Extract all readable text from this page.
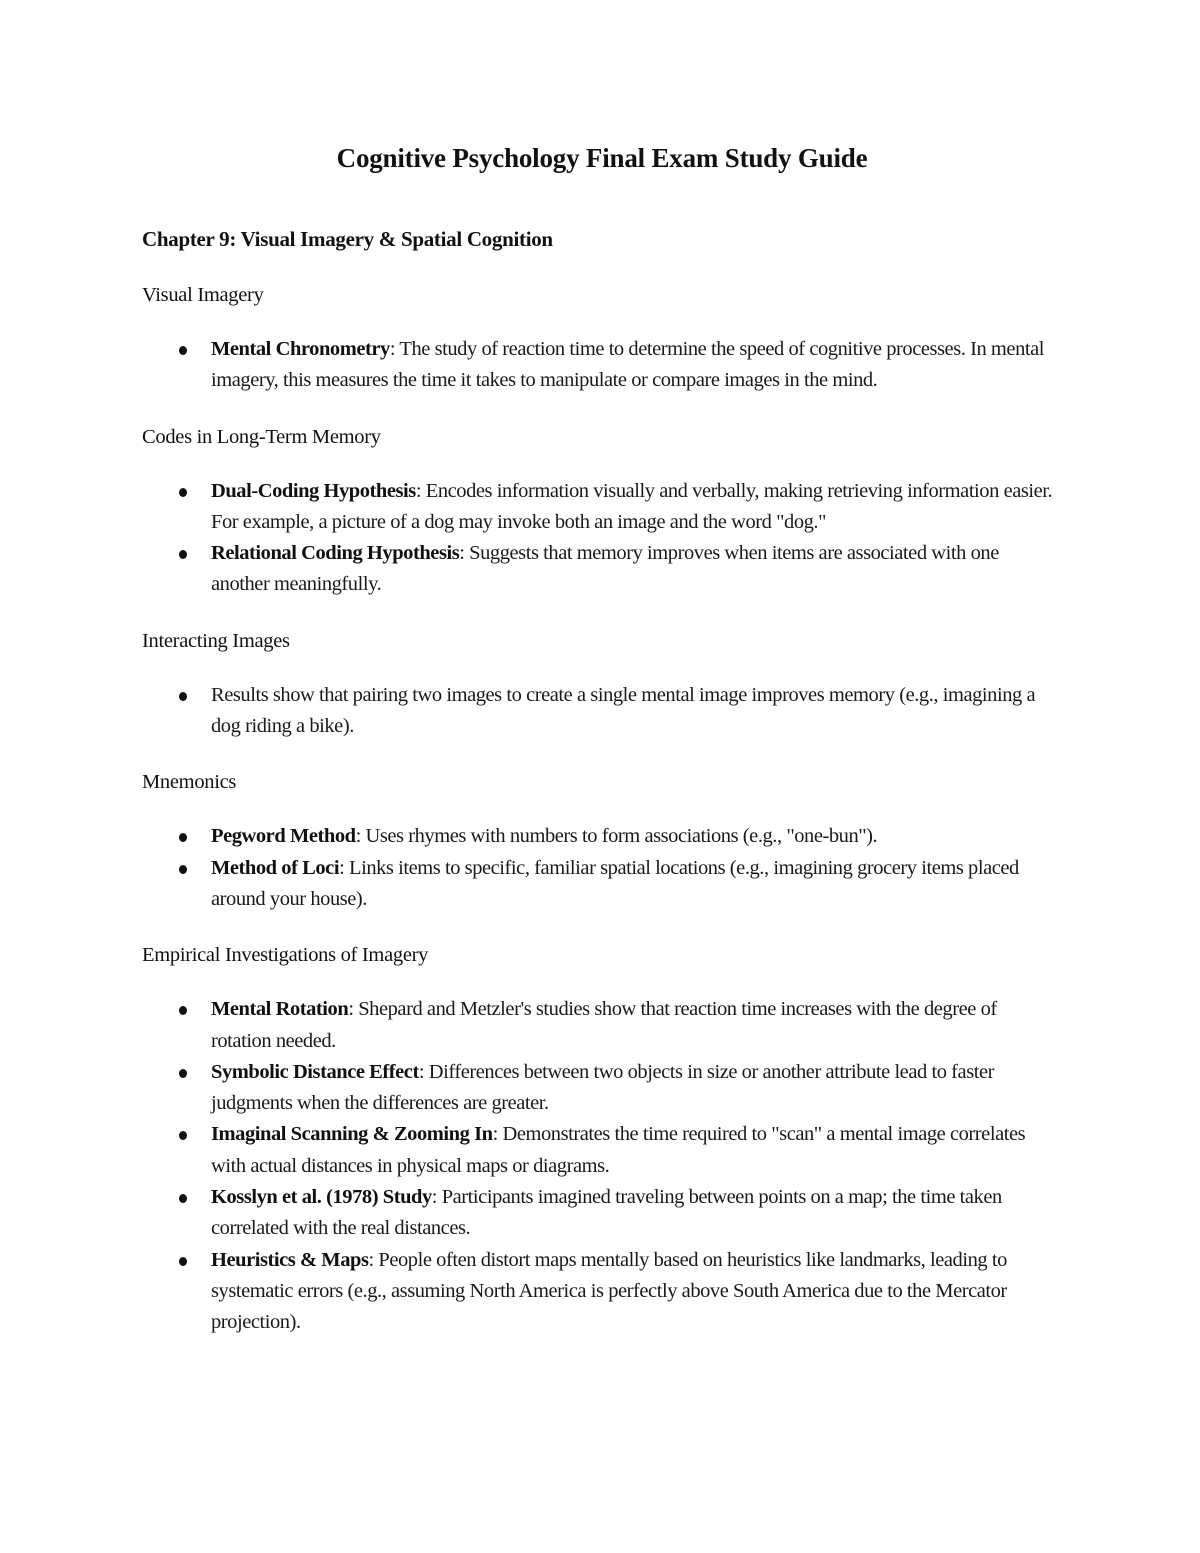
Cognitive Psychology Final Exam Study Guide
Chapter 9: Visual Imagery & Spatial Cognition
Visual Imagery
Mental Chronometry: The study of reaction time to determine the speed of cognitive processes. In mental imagery, this measures the time it takes to manipulate or compare images in the mind.
Codes in Long-Term Memory
Dual-Coding Hypothesis: Encodes information visually and verbally, making retrieving information easier. For example, a picture of a dog may invoke both an image and the word "dog."
Relational Coding Hypothesis: Suggests that memory improves when items are associated with one another meaningfully.
Interacting Images
Results show that pairing two images to create a single mental image improves memory (e.g., imagining a dog riding a bike).
Mnemonics
Pegword Method: Uses rhymes with numbers to form associations (e.g., "one-bun").
Method of Loci: Links items to specific, familiar spatial locations (e.g., imagining grocery items placed around your house).
Empirical Investigations of Imagery
Mental Rotation: Shepard and Metzler's studies show that reaction time increases with the degree of rotation needed.
Symbolic Distance Effect: Differences between two objects in size or another attribute lead to faster judgments when the differences are greater.
Imaginal Scanning & Zooming In: Demonstrates the time required to "scan" a mental image correlates with actual distances in physical maps or diagrams.
Kosslyn et al. (1978) Study: Participants imagined traveling between points on a map; the time taken correlated with the real distances.
Heuristics & Maps: People often distort maps mentally based on heuristics like landmarks, leading to systematic errors (e.g., assuming North America is perfectly above South America due to the Mercator projection).
